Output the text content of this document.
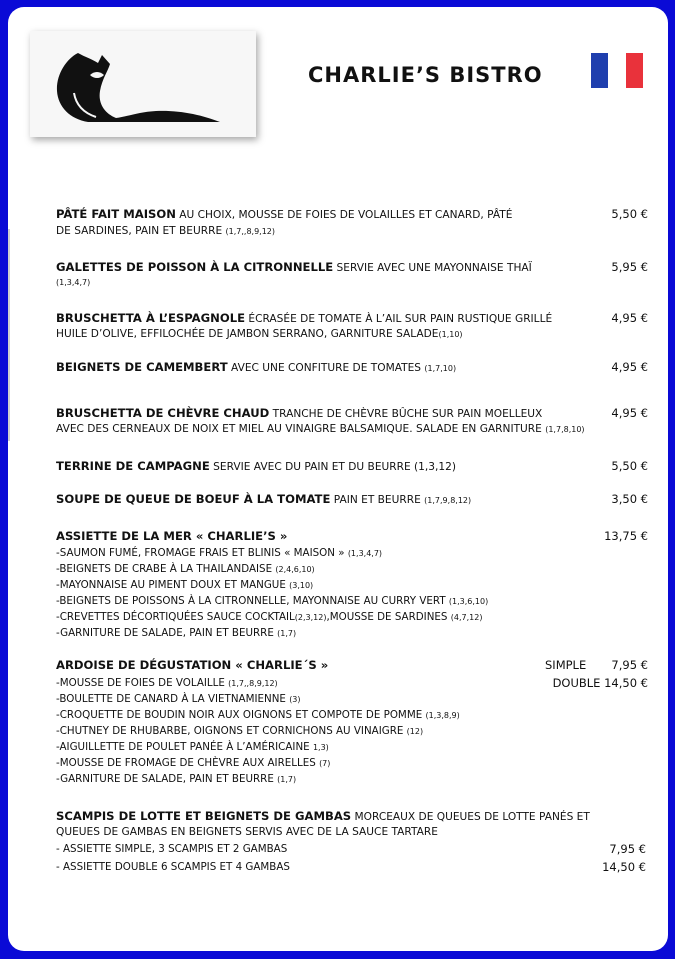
CHARLIE’S BISTRO
PÂTÉ FAIT MAISON AU CHOIX, MOUSSE DE FOIES DE VOLAILLES ET CANARD, PÂTÉ
DE SARDINES, PAIN ET BEURRE (1,7,,8,9,12)
5,50 €
GALETTES DE POISSON À LA CITRONNELLE SERVIE AVEC UNE MAYONNAISE THAÏ
(1,3,4,7)
5,95 €
BRUSCHETTA À L’ESPAGNOLE ÉCRASÉE DE TOMATE À L’AIL SUR PAIN RUSTIQUE GRILLÉ
HUILE D’OLIVE, EFFILOCHÉE DE JAMBON SERRANO, GARNITURE SALADE(1,10)
4,95 €
BEIGNETS DE CAMEMBERT AVEC UNE CONFITURE DE TOMATES (1,7,10)	4,95 €
BRUSCHETTA DE CHÈVRE CHAUD TRANCHE DE CHÈVRE BÛCHE SUR PAIN MOELLEUX
AVEC DES CERNEAUX DE NOIX ET MIEL AU VINAIGRE BALSAMIQUE. SALADE EN GARNITURE (1,7,8,10)
4,95 €
TERRINE DE CAMPAGNE SERVIE AVEC DU PAIN ET DU BEURRE (1,3,12)	5,50 €
SOUPE DE QUEUE DE BOEUF À LA TOMATE PAIN ET BEURRE (1,7,9,8,12)	3,50 €
ASSIETTE DE LA MER « CHARLIE’S »	13,75 €
-SAUMON FUMÉ, FROMAGE FRAIS ET BLINIS « MAISON » (1,3,4,7)
-BEIGNETS DE CRABE À LA THAILANDAISE (2,4,6,10)
-MAYONNAISE AU PIMENT DOUX ET MANGUE (3,10)
-BEIGNETS DE POISSONS À LA CITRONNELLE, MAYONNAISE AU CURRY VERT (1,3,6,10)
-CREVETTES DÉCORTIQUÉES SAUCE COCKTAIL(2,3,12),MOUSSE DE SARDINES (4,7,12)
-GARNITURE DE SALADE, PAIN ET BEURRE (1,7)
ARDOISE DE DÉGUSTATION « CHARLIE´S »	SIMPLE 7,95 €
DOUBLE 14,50 €
-MOUSSE DE FOIES DE VOLAILLE (1,7,,8,9,12)
-BOULETTE DE CANARD À LA VIETNAMIENNE (3)
-CROQUETTE DE BOUDIN NOIR AUX OIGNONS ET COMPOTE DE POMME (1,3,8,9)
-CHUTNEY DE RHUBARBE, OIGNONS ET CORNICHONS AU VINAIGRE (12)
-AIGUILLETTE DE POULET PANÉE À L’AMÉRICAINE 1,3)
-MOUSSE DE FROMAGE DE CHÈVRE AUX AIRELLES (7)
-GARNITURE DE SALADE, PAIN ET BEURRE (1,7)
SCAMPIS DE LOTTE ET BEIGNETS DE GAMBAS MORCEAUX DE QUEUES DE LOTTE PANÉS ET
QUEUES DE GAMBAS EN BEIGNETS SERVIS AVEC DE LA SAUCE TARTARE
- ASSIETTE SIMPLE, 3 SCAMPIS ET 2 GAMBAS	7,95 €
- ASSIETTE DOUBLE 6 SCAMPIS ET 4 GAMBAS	14,50 €
